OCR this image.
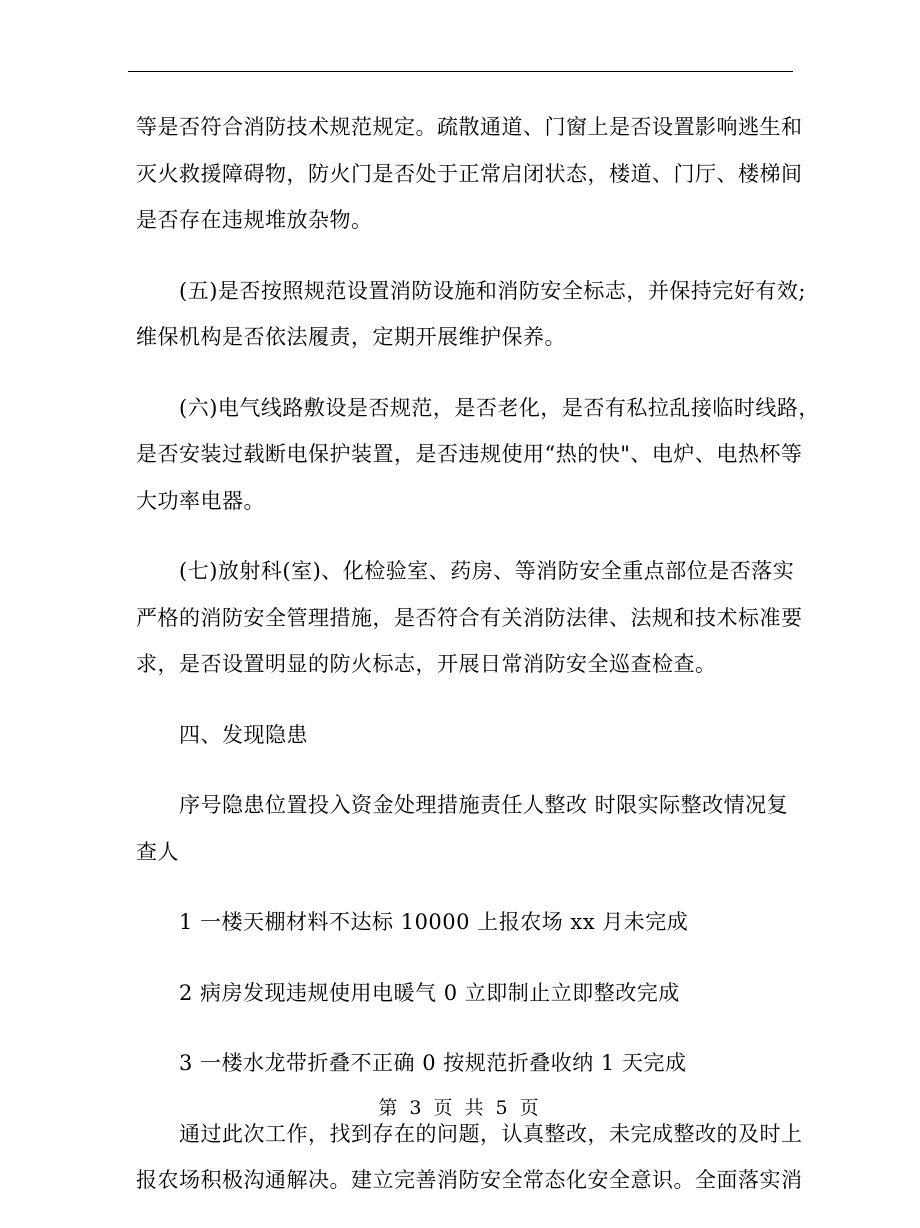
等是否符合消防技术规范规定。疏散通道、门窗上是否设置影响逃生和
灭火救援障碍物，防火门是否处于正常启闭状态，楼道、门厅、楼梯间
是否存在违规堆放杂物。

(五)是否按照规范设置消防设施和消防安全标志，并保持完好有效;
维保机构是否依法履责，定期开展维护保养。

(六)电气线路敷设是否规范，是否老化，是否有私拉乱接临时线路，
是否安装过载断电保护装置，是否违规使用“热的快"、电炉、电热杯等
大功率电器。

(七)放射科(室)、化检验室、药房、等消防安全重点部位是否落实
严格的消防安全管理措施，是否符合有关消防法律、法规和技术标准要
求，是否设置明显的防火标志，开展日常消防安全巡查检查。

四、发现隐患

序号隐患位置投入资金处理措施责任人整改 时限实际整改情况复
查人

1 一楼天棚材料不达标 10000 上报农场 xx 月未完成

2 病房发现违规使用电暖气 0 立即制止立即整改完成

3 一楼水龙带折叠不正确 0 按规范折叠收纳 1 天完成

通过此次工作，找到存在的问题，认真整改，未完成整改的及时上
报农场积极沟通解决。建立完善消防安全常态化安全意识。全面落实消

第 3 页 共 5 页
